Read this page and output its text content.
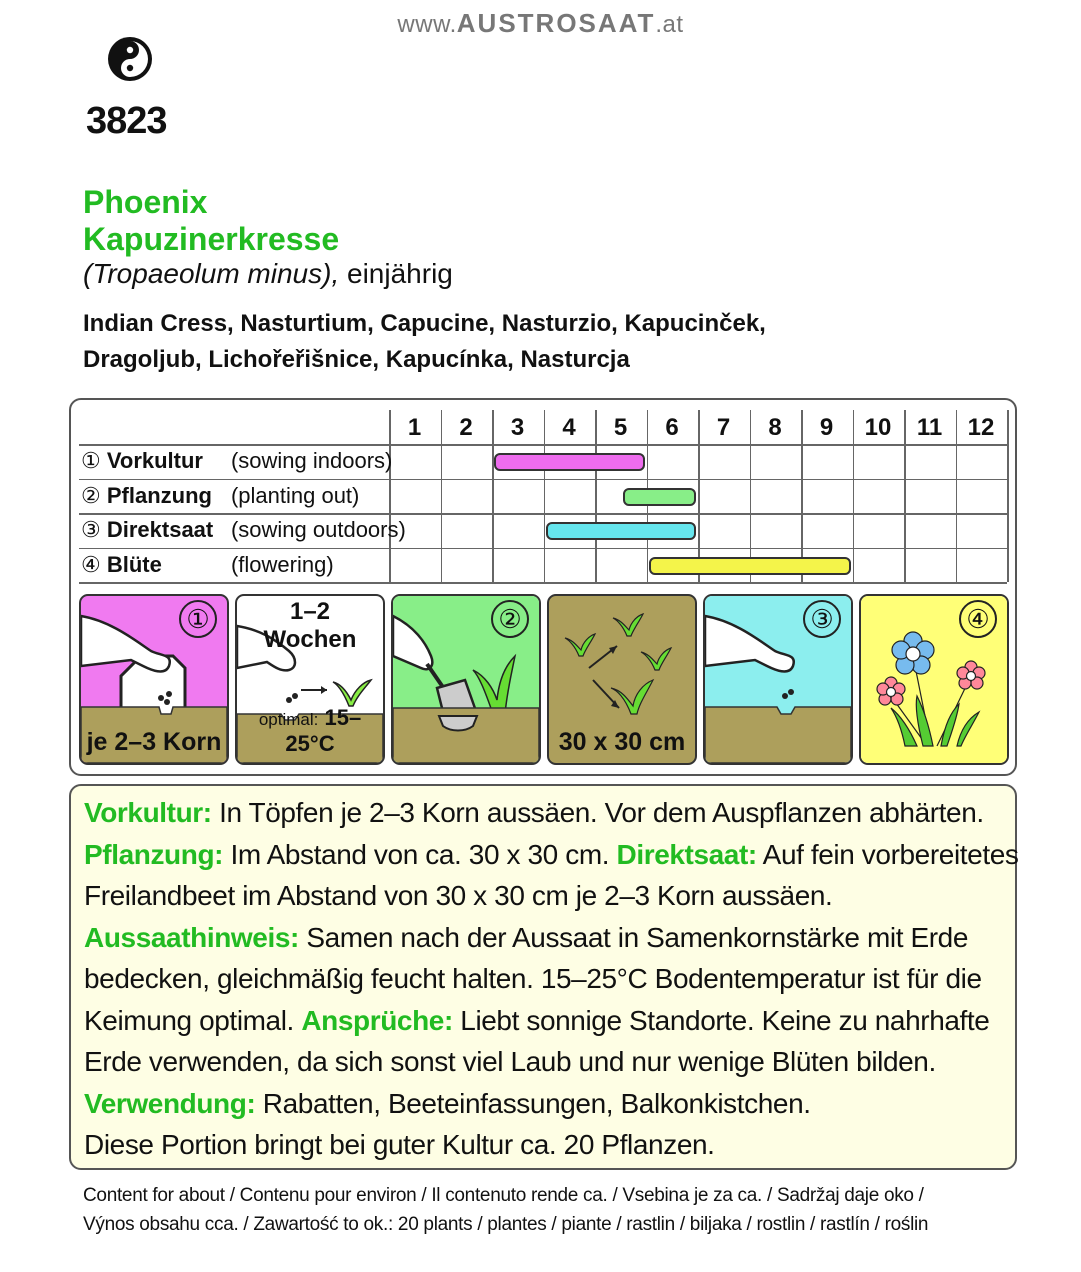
www.AUSTROSAAT.at
3823
Phoenix
Kapuzinerkresse
(Tropaeolum minus), einjährig
Indian Cress, Nasturtium, Capucine, Nasturzio, Kapucinček,
Dragoljub, Lichořeřišnice, Kapucínka, Nasturcja
1	2	3	4	5	6	7	8	9	10	11	12
① Vorkultur (sowing indoors)
② Pflanzung (planting out)
③ Direktsaat (sowing outdoors)
④ Blüte	(flowering)
①
je 2–3 Korn
1–2
Wochen
optimal: 15–25°C
②
30 x 30 cm
③	④

Vorkultur: In Töpfen je 2–3 Korn aussäen. Vor dem Auspflanzen abhärten.

Pflanzung: Im Abstand von ca. 30 x 30 cm. Direktsaat: Auf fein vorbereitetes

Freilandbeet im Abstand von 30 x 30 cm je 2–3 Korn aussäen.

Aussaathinweis: Samen nach der Aussaat in Samenkornstärke mit Erde

bedecken, gleichmäßig feucht halten. 15–25°C Bodentemperatur ist für die

Keimung optimal. Ansprüche: Liebt sonnige Standorte. Keine zu nahrhafte

Erde verwenden, da sich sonst viel Laub und nur wenige Blüten bilden.

Verwendung: Rabatten, Beeteinfassungen, Balkonkistchen.

Diese Portion bringt bei guter Kultur ca. 20 Pflanzen.

Content for about / Contenu pour environ / Il contenuto rende ca. / Vsebina je za ca. / Sadržaj daje oko /
Výnos obsahu cca. / Zawartość to ok.: 20 plants / plantes / piante / rastlin / biljaka / rostlin / rastlín / roślin
